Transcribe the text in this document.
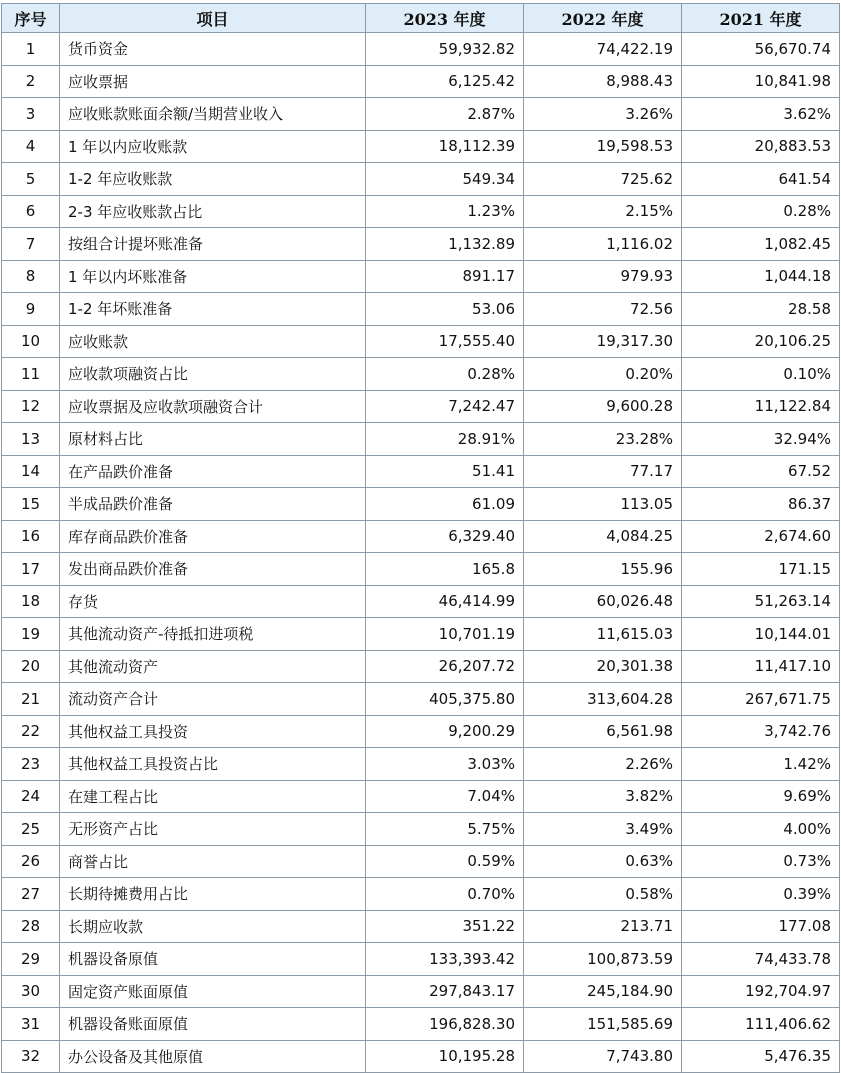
序号	项目	2023 年度	2022 年度	2021 年度
1	货币资金	59,932.82	74,422.19	56,670.74
2	应收票据	6,125.42	8,988.43	10,841.98
3	应收账款账面余额/当期营业收入	2.87%	3.26%	3.62%
4	1 年以内应收账款	18,112.39	19,598.53	20,883.53
5	1-2 年应收账款	549.34	725.62	641.54
6	2-3 年应收账款占比	1.23%	2.15%	0.28%
7	按组合计提坏账准备	1,132.89	1,116.02	1,082.45
8	1 年以内坏账准备	891.17	979.93	1,044.18
9	1-2 年坏账准备	53.06	72.56	28.58
10	应收账款	17,555.40	19,317.30	20,106.25
11	应收款项融资占比	0.28%	0.20%	0.10%
12	应收票据及应收款项融资合计	7,242.47	9,600.28	11,122.84
13	原材料占比	28.91%	23.28%	32.94%
14	在产品跌价准备	51.41	77.17	67.52
15	半成品跌价准备	61.09	113.05	86.37
16	库存商品跌价准备	6,329.40	4,084.25	2,674.60
17	发出商品跌价准备	165.8	155.96	171.15
18	存货	46,414.99	60,026.48	51,263.14
19	其他流动资产-待抵扣进项税	10,701.19	11,615.03	10,144.01
20	其他流动资产	26,207.72	20,301.38	11,417.10
21	流动资产合计	405,375.80	313,604.28	267,671.75
22	其他权益工具投资	9,200.29	6,561.98	3,742.76
23	其他权益工具投资占比	3.03%	2.26%	1.42%
24	在建工程占比	7.04%	3.82%	9.69%
25	无形资产占比	5.75%	3.49%	4.00%
26	商誉占比	0.59%	0.63%	0.73%
27	长期待摊费用占比	0.70%	0.58%	0.39%
28	长期应收款	351.22	213.71	177.08
29	机器设备原值	133,393.42	100,873.59	74,433.78
30	固定资产账面原值	297,843.17	245,184.90	192,704.97
31	机器设备账面原值	196,828.30	151,585.69	111,406.62
32	办公设备及其他原值	10,195.28	7,743.80	5,476.35
